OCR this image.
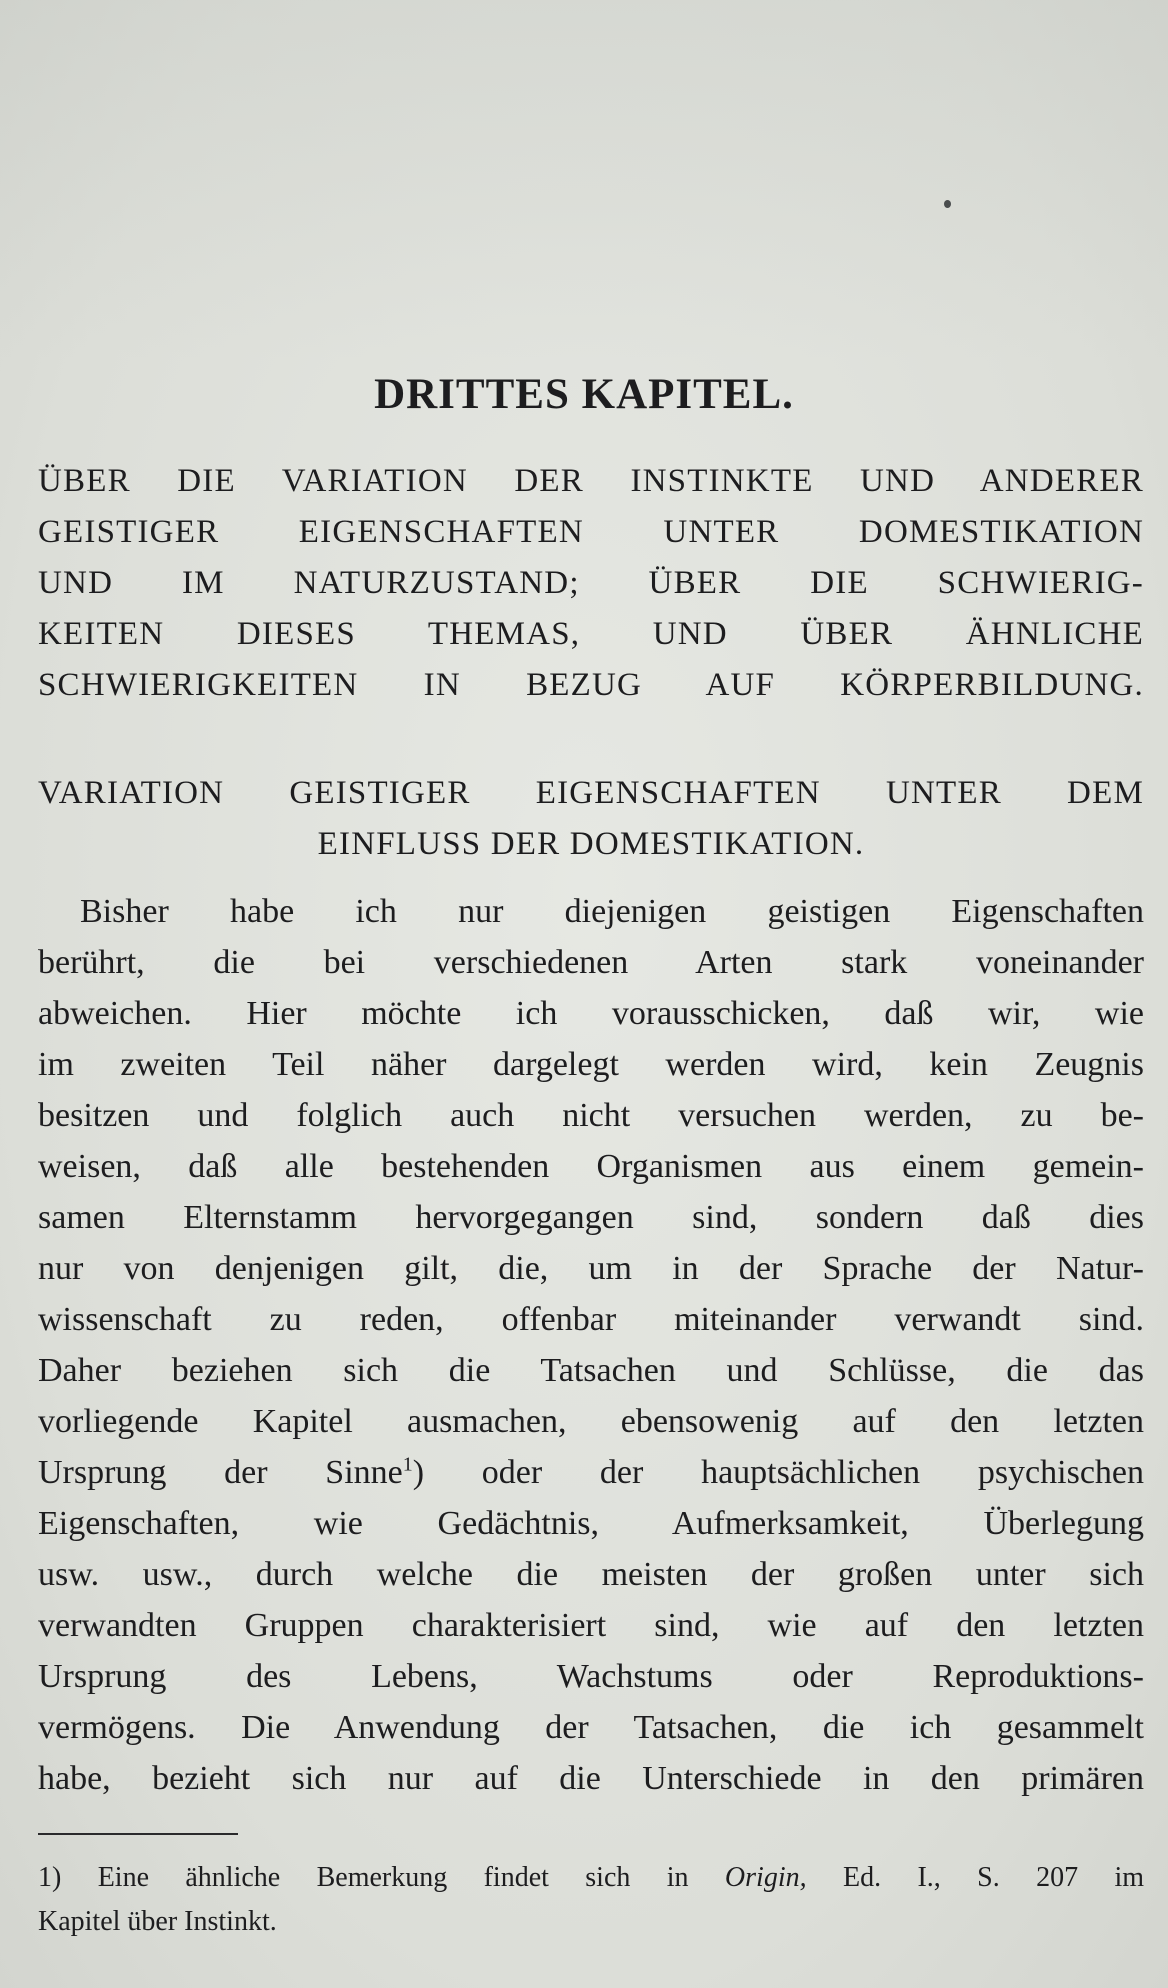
DRITTES KAPITEL.
ÜBER DIE VARIATION DER INSTINKTE UND ANDERER
GEISTIGER EIGENSCHAFTEN UNTER DOMESTIKATION
UND IM NATURZUSTAND; ÜBER DIE SCHWIERIG-
KEITEN DIESES THEMAS, UND ÜBER ÄHNLICHE
SCHWIERIGKEITEN IN BEZUG AUF KÖRPERBILDUNG.
VARIATION GEISTIGER EIGENSCHAFTEN UNTER DEM
EINFLUSS DER DOMESTIKATION.
Bisher habe ich nur diejenigen geistigen Eigenschaften
berührt, die bei verschiedenen Arten stark voneinander
abweichen. Hier möchte ich vorausschicken, daß wir, wie
im zweiten Teil näher dargelegt werden wird, kein Zeugnis
besitzen und folglich auch nicht versuchen werden, zu be-
weisen, daß alle bestehenden Organismen aus einem gemein-
samen Elternstamm hervorgegangen sind, sondern daß dies
nur von denjenigen gilt, die, um in der Sprache der Natur-
wissenschaft zu reden, offenbar miteinander verwandt sind.
Daher beziehen sich die Tatsachen und Schlüsse, die das
vorliegende Kapitel ausmachen, ebensowenig auf den letzten
Ursprung der Sinne$^1$) oder der hauptsächlichen psychischen
Eigenschaften, wie Gedächtnis, Aufmerksamkeit, Überlegung
usw. usw., durch welche die meisten der großen unter sich
verwandten Gruppen charakterisiert sind, wie auf den letzten
Ursprung des Lebens, Wachstums oder Reproduktions-
vermögens. Die Anwendung der Tatsachen, die ich gesammelt
habe, bezieht sich nur auf die Unterschiede in den primären
1) Eine ähnliche Bemerkung findet sich in Origin, Ed. I., S. 207 im
Kapitel über Instinkt.
